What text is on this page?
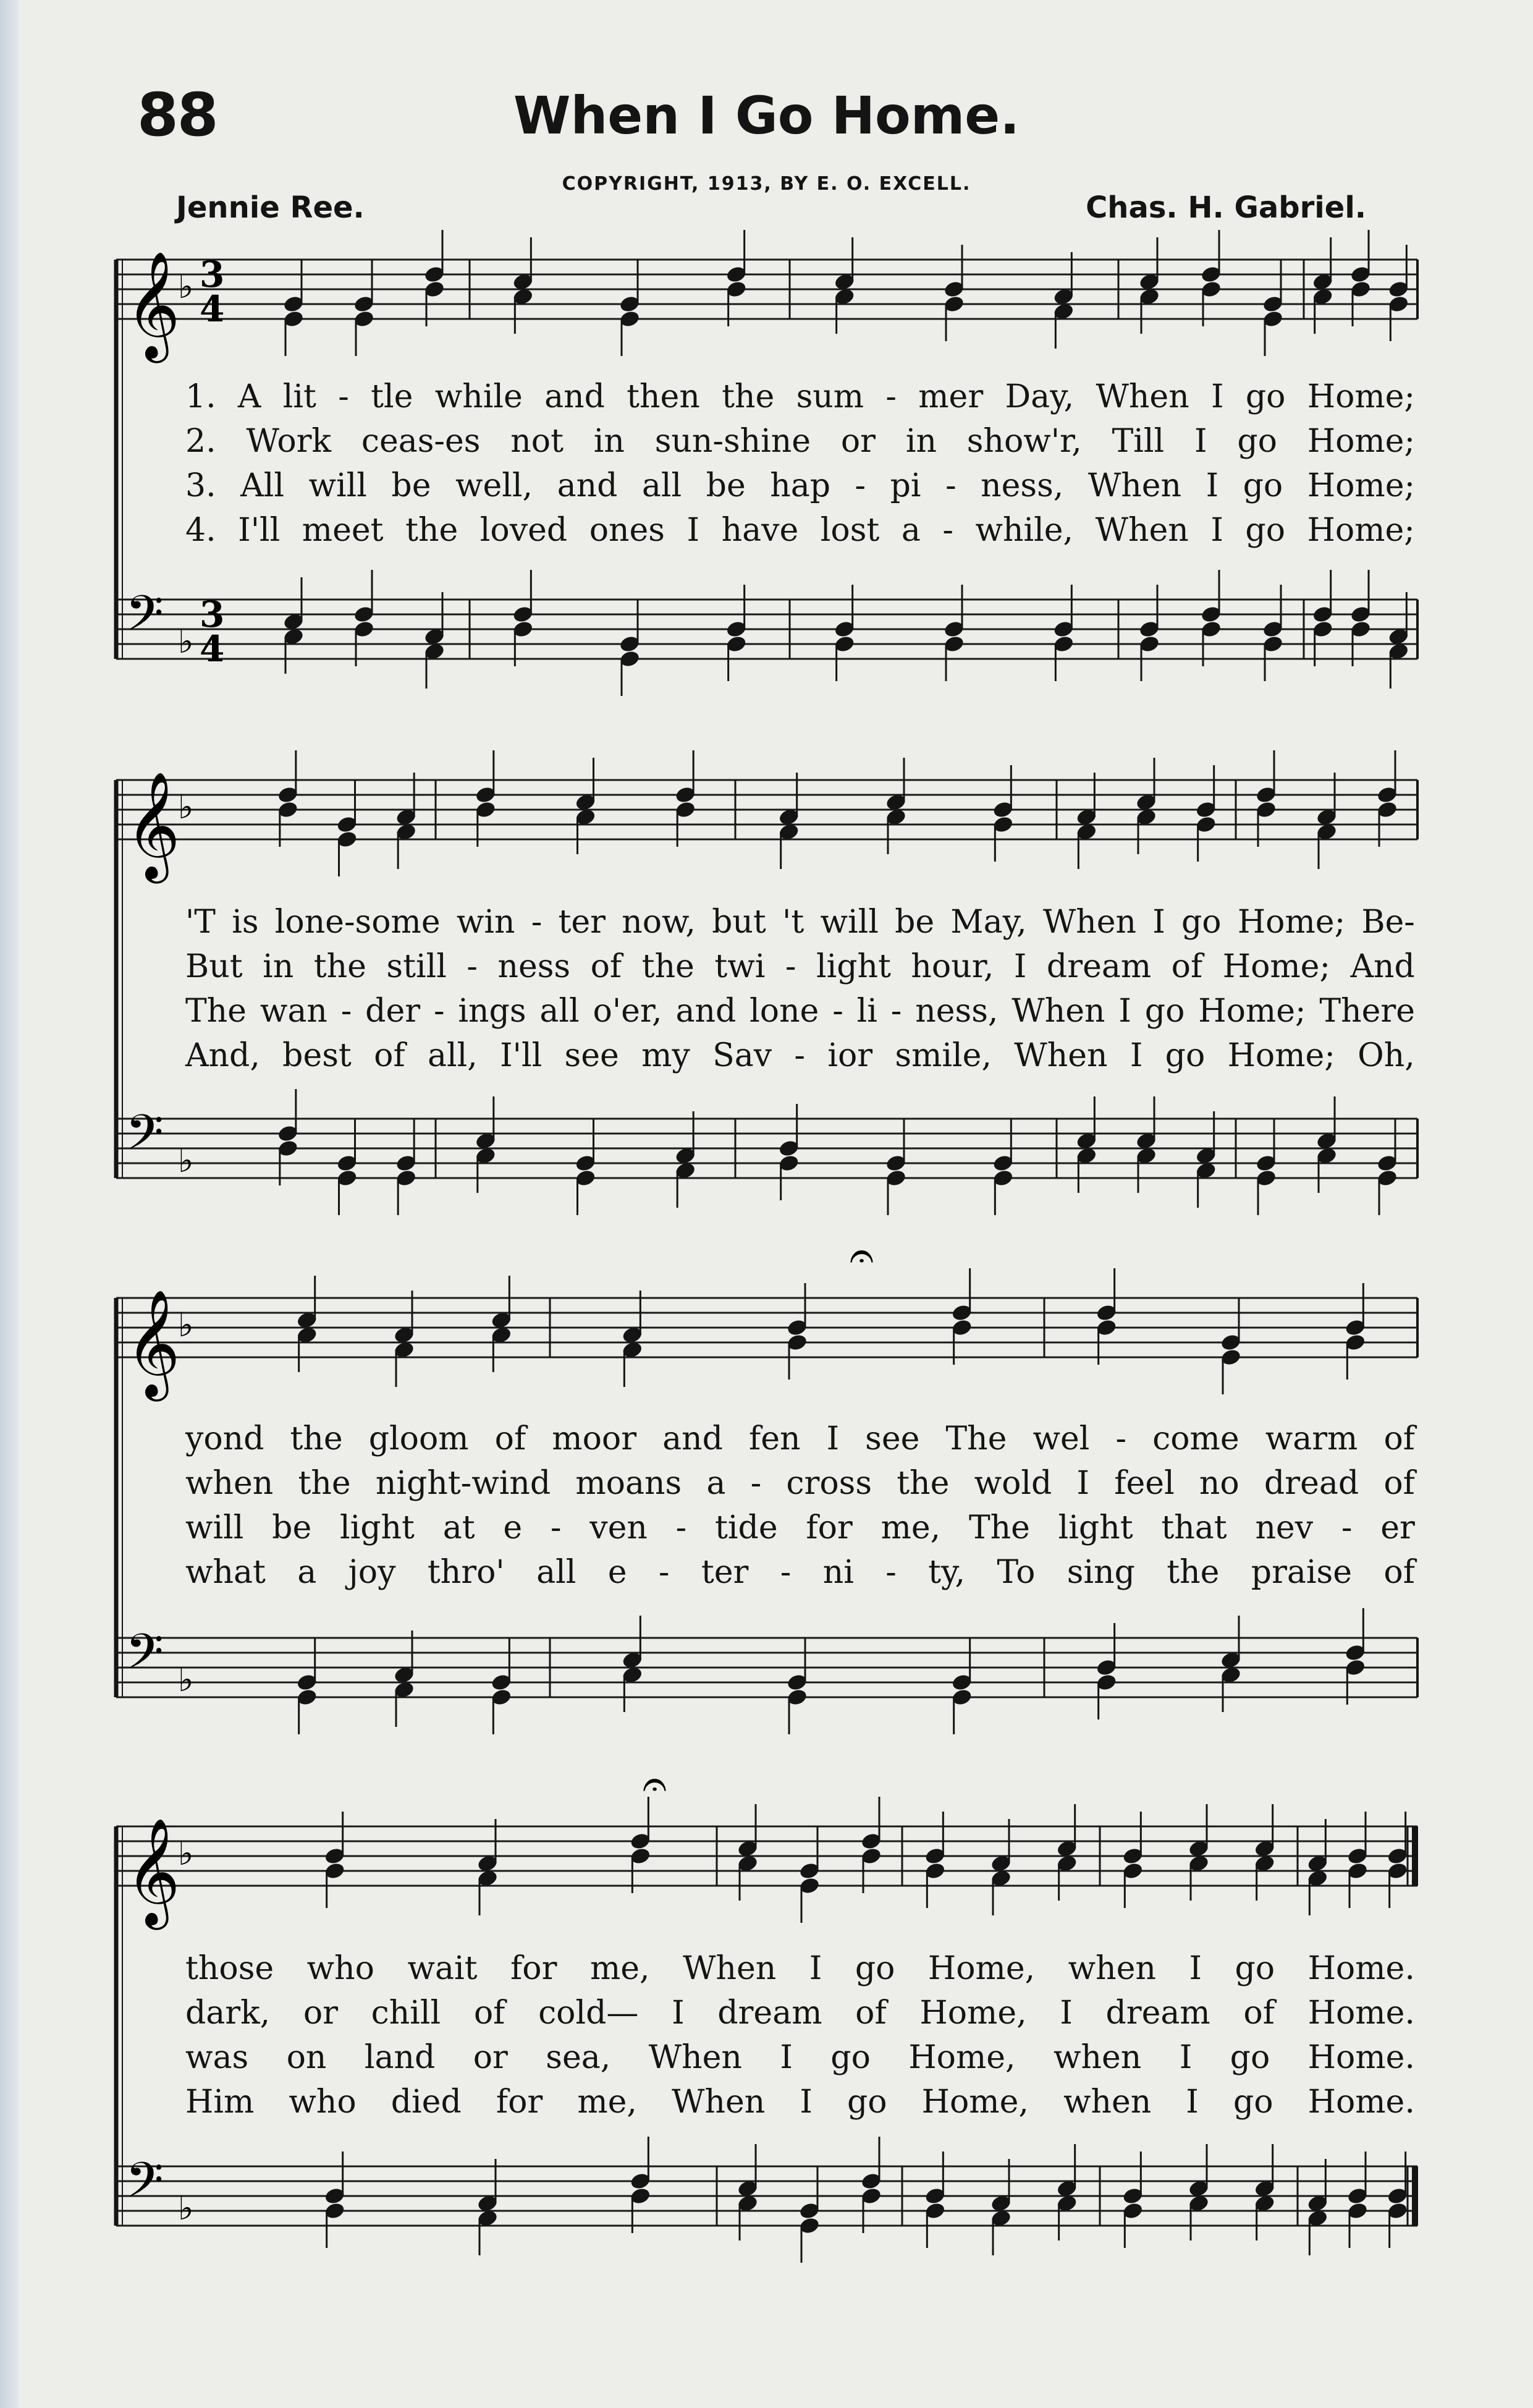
88	When I Go Home.
COPYRIGHT, 1913, BY E. O. EXCELL.
Jennie Ree.	Chas. H. Gabriel.
𝄞
𝄢
♭
♭
3
4
3
4
𝄞
𝄢
♭
♭
𝄞
𝄢
♭
♭
𝄐
𝄞
𝄢
♭
♭
𝄐
1. A lit - tle while and then the sum - mer Day, When I go Home;
2. Work ceas-es not in sun-shine or in show'r, Till I go Home;
3. All will be well, and all be hap - pi - ness, When I go Home;
4. I'll meet the loved ones I have lost a - while, When I go Home;
'T is lone-some win - ter now, but 't will be May, When I go Home; Be-
But in the still - ness of the twi - light hour, I dream of Home; And
The wan - der - ings all o'er, and lone - li - ness, When I go Home; There
And, best of all, I'll see my Sav - ior smile, When I go Home; Oh,
yond the gloom of moor and fen I see The wel - come warm of
when the night-wind moans a - cross the wold I feel no dread of
will be light at e - ven - tide for me, The light that nev - er
what a joy thro' all e - ter - ni - ty, To sing the praise of
those who wait for me, When I go Home, when I go Home.
dark, or chill of cold— I dream of Home, I dream of Home.
was on land or sea, When I go Home, when I go Home.
Him who died for me, When I go Home, when I go Home.
